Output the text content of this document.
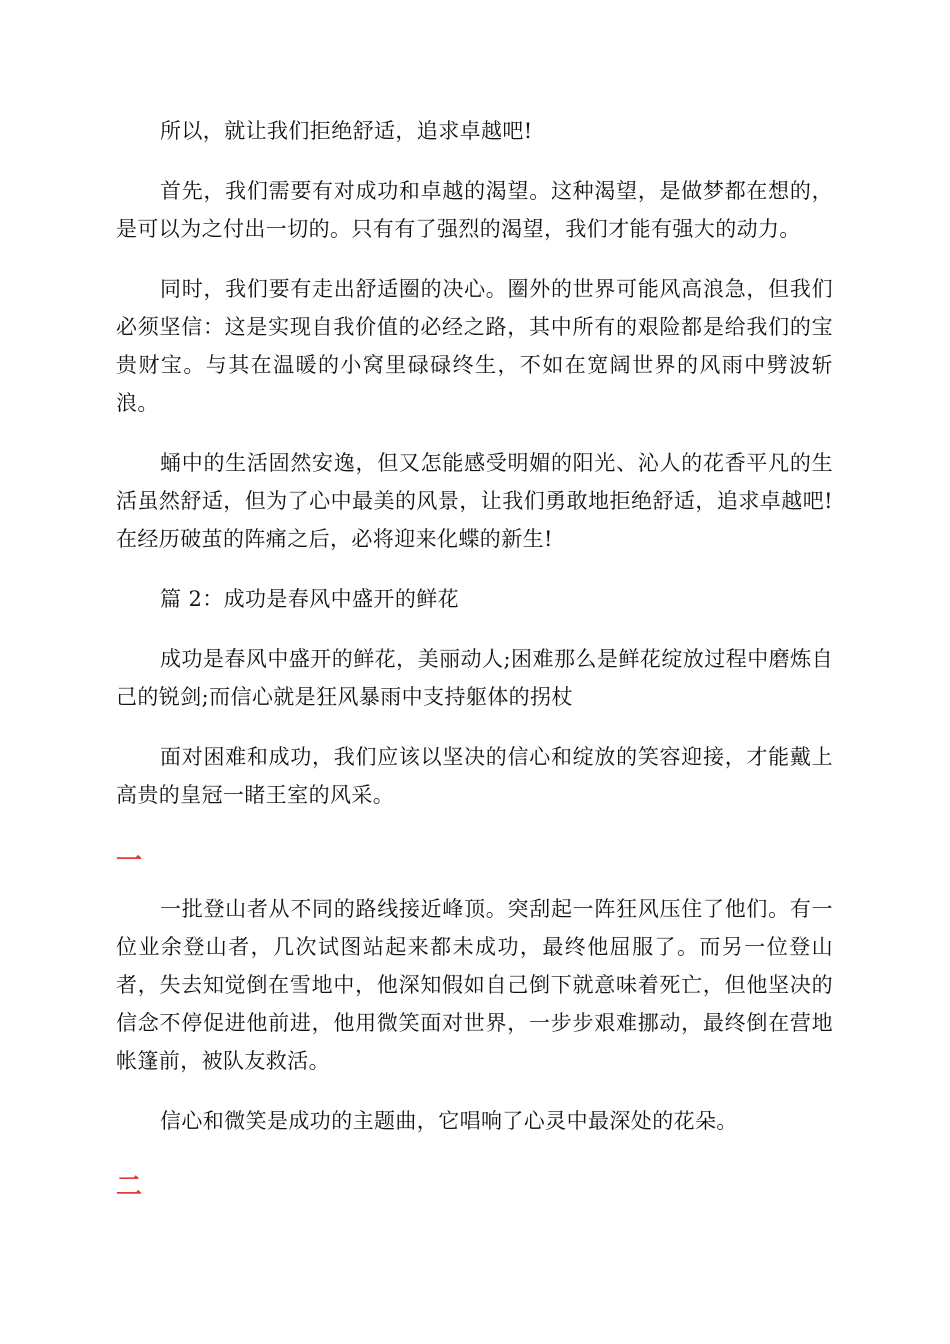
所以，就让我们拒绝舒适，追求卓越吧!

首先，我们需要有对成功和卓越的渴望。这种渴望，是做梦都在想的，是可以为之付出一切的。只有有了强烈的渴望，我们才能有强大的动力。

同时，我们要有走出舒适圈的决心。圈外的世界可能风高浪急，但我们必须坚信：这是实现自我价值的必经之路，其中所有的艰险都是给我们的宝贵财宝。与其在温暖的小窝里碌碌终生，不如在宽阔世界的风雨中劈波斩浪。

蛹中的生活固然安逸，但又怎能感受明媚的阳光、沁人的花香平凡的生活虽然舒适，但为了心中最美的风景，让我们勇敢地拒绝舒适，追求卓越吧!在经历破茧的阵痛之后，必将迎来化蝶的新生!

篇 2：成功是春风中盛开的鲜花

成功是春风中盛开的鲜花，美丽动人;困难那么是鲜花绽放过程中磨炼自己的锐剑;而信心就是狂风暴雨中支持躯体的拐杖

面对困难和成功，我们应该以坚决的信心和绽放的笑容迎接，才能戴上高贵的皇冠一睹王室的风采。

一

一批登山者从不同的路线接近峰顶。突刮起一阵狂风压住了他们。有一位业余登山者，几次试图站起来都未成功，最终他屈服了。而另一位登山者，失去知觉倒在雪地中，他深知假如自己倒下就意味着死亡，但他坚决的信念不停促进他前进，他用微笑面对世界，一步步艰难挪动，最终倒在营地帐篷前，被队友救活。

信心和微笑是成功的主题曲，它唱响了心灵中最深处的花朵。

二
